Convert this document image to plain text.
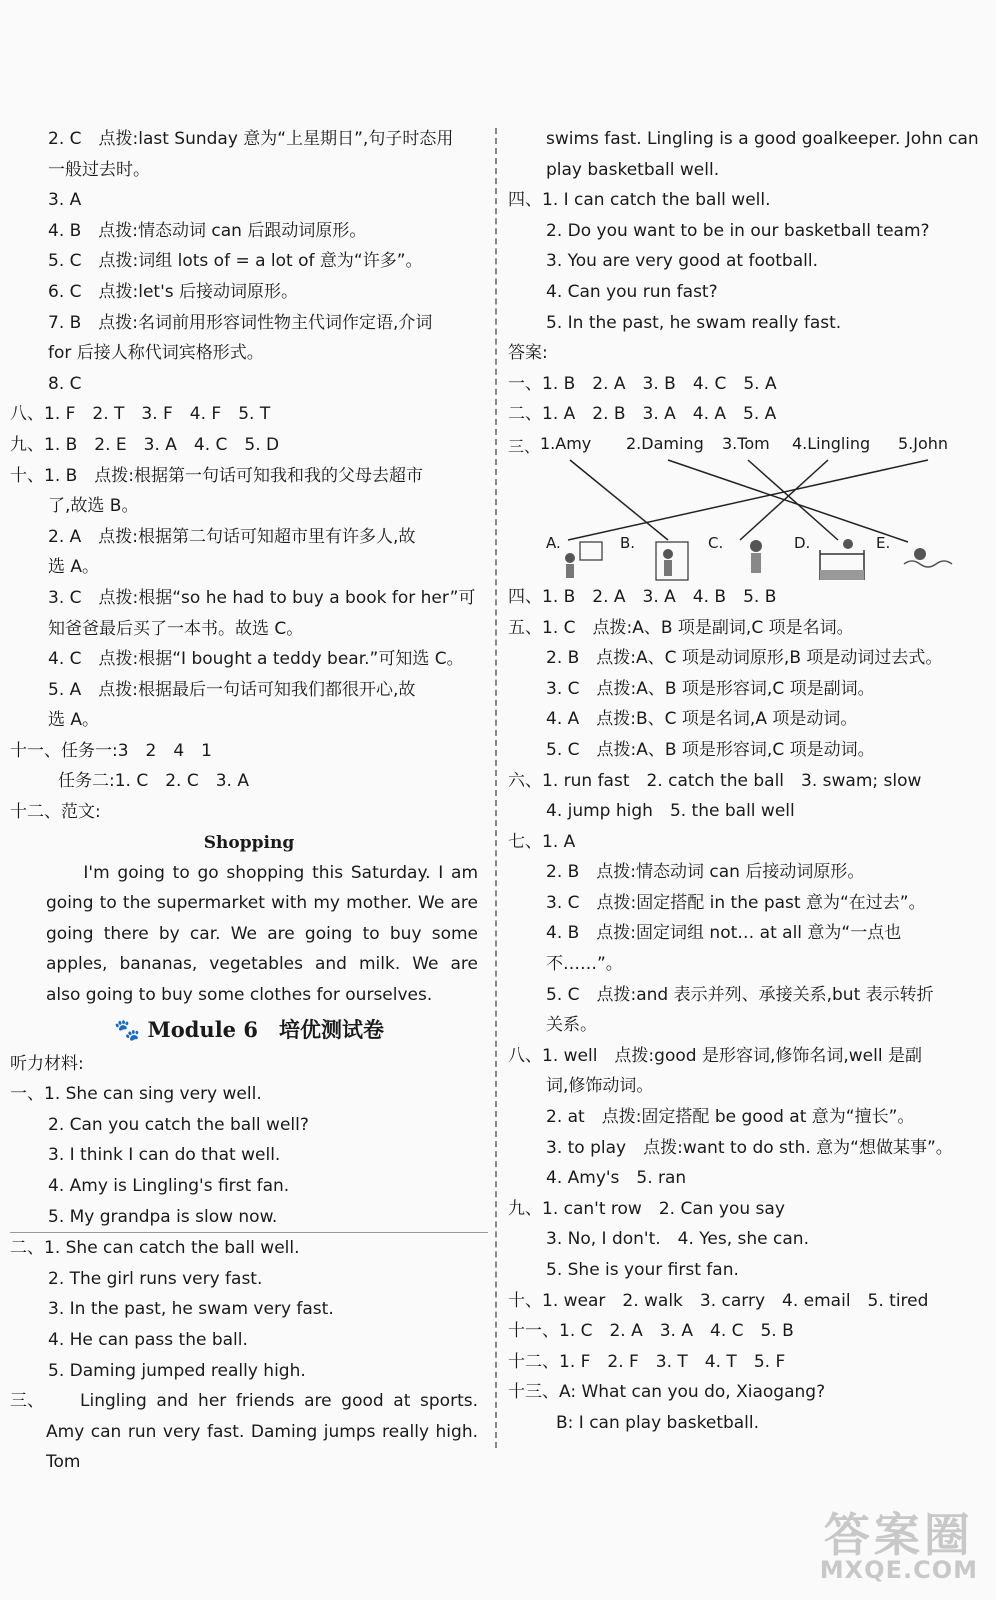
2. C　点拨:last Sunday 意为“上星期日”,句子时态用
一般过去时。
3. A
4. B　点拨:情态动词 can 后跟动词原形。
5. C　点拨:词组 lots of = a lot of 意为“许多”。
6. C　点拨:let's 后接动词原形。
7. B　点拨:名词前用形容词性物主代词作定语,介词
for 后接人称代词宾格形式。
8. C
八、1. F　2. T　3. F　4. F　5. T
九、1. B　2. E　3. A　4. C　5. D
十、1. B　点拨:根据第一句话可知我和我的父母去超市
了,故选 B。
2. A　点拨:根据第二句话可知超市里有许多人,故
选 A。
3. C　点拨:根据“so he had to buy a book for her”可
知爸爸最后买了一本书。故选 C。
4. C　点拨:根据“I bought a teddy bear.”可知选 C。
5. A　点拨:根据最后一句话可知我们都很开心,故
选 A。
十一、任务一:3　2　4　1
任务二:1. C　2. C　3. A
十二、范文:
Shopping
I'm going to go shopping this Saturday. I am going to the supermarket with my mother. We are going there by car. We are going to buy some apples, bananas, vegetables and milk. We are also going to buy some clothes for ourselves.
🐾 Module 6　培优测试卷
听力材料:
一、1. She can sing very well.
2. Can you catch the ball well?
3. I think I can do that well.
4. Amy is Lingling's first fan.
5. My grandpa is slow now.
二、1. She can catch the ball well.
2. The girl runs very fast.
3. In the past, he swam very fast.
4. He can pass the ball.
5. Daming jumped really high.
三、	Lingling and her friends are good at sports. Amy can run very fast. Daming jumps really high. Tom
swims fast. Lingling is a good goalkeeper. John can
play basketball well.
四、1. I can catch the ball well.
2. Do you want to be in our basketball team?
3. You are very good at football.
4. Can you run fast?
5. In the past, he swam really fast.
答案:
一、1. B　2. A　3. B　4. C　5. A
二、1. A　2. B　3. A　4. A　5. A
三、 1.Amy 2.Daming 3.Tom 4.Lingling 5.John
A.	B.	C.	D.	E.
四、1. B　2. A　3. A　4. B　5. B
五、1. C　点拨:A、B 项是副词,C 项是名词。
2. B　点拨:A、C 项是动词原形,B 项是动词过去式。
3. C　点拨:A、B 项是形容词,C 项是副词。
4. A　点拨:B、C 项是名词,A 项是动词。
5. C　点拨:A、B 项是形容词,C 项是动词。
六、1. run fast　2. catch the ball　3. swam; slow
4. jump high　5. the ball well
七、1. A
2. B　点拨:情态动词 can 后接动词原形。
3. C　点拨:固定搭配 in the past 意为“在过去”。
4. B　点拨:固定词组 not… at all 意为“一点也
不……”。
5. C　点拨:and 表示并列、承接关系,but 表示转折
关系。
八、1. well　点拨:good 是形容词,修饰名词,well 是副
词,修饰动词。
2. at　点拨:固定搭配 be good at 意为“擅长”。
3. to play　点拨:want to do sth. 意为“想做某事”。
4. Amy's　5. ran
九、1. can't row　2. Can you say
3. No, I don't.　4. Yes, she can.
5. She is your first fan.
十、1. wear　2. walk　3. carry　4. email　5. tired
十一、1. C　2. A　3. A　4. C　5. B
十二、1. F　2. F　3. T　4. T　5. F
十三、A: What can you do, Xiaogang?
B: I can play basketball.
答案圈
MXQE.COM
